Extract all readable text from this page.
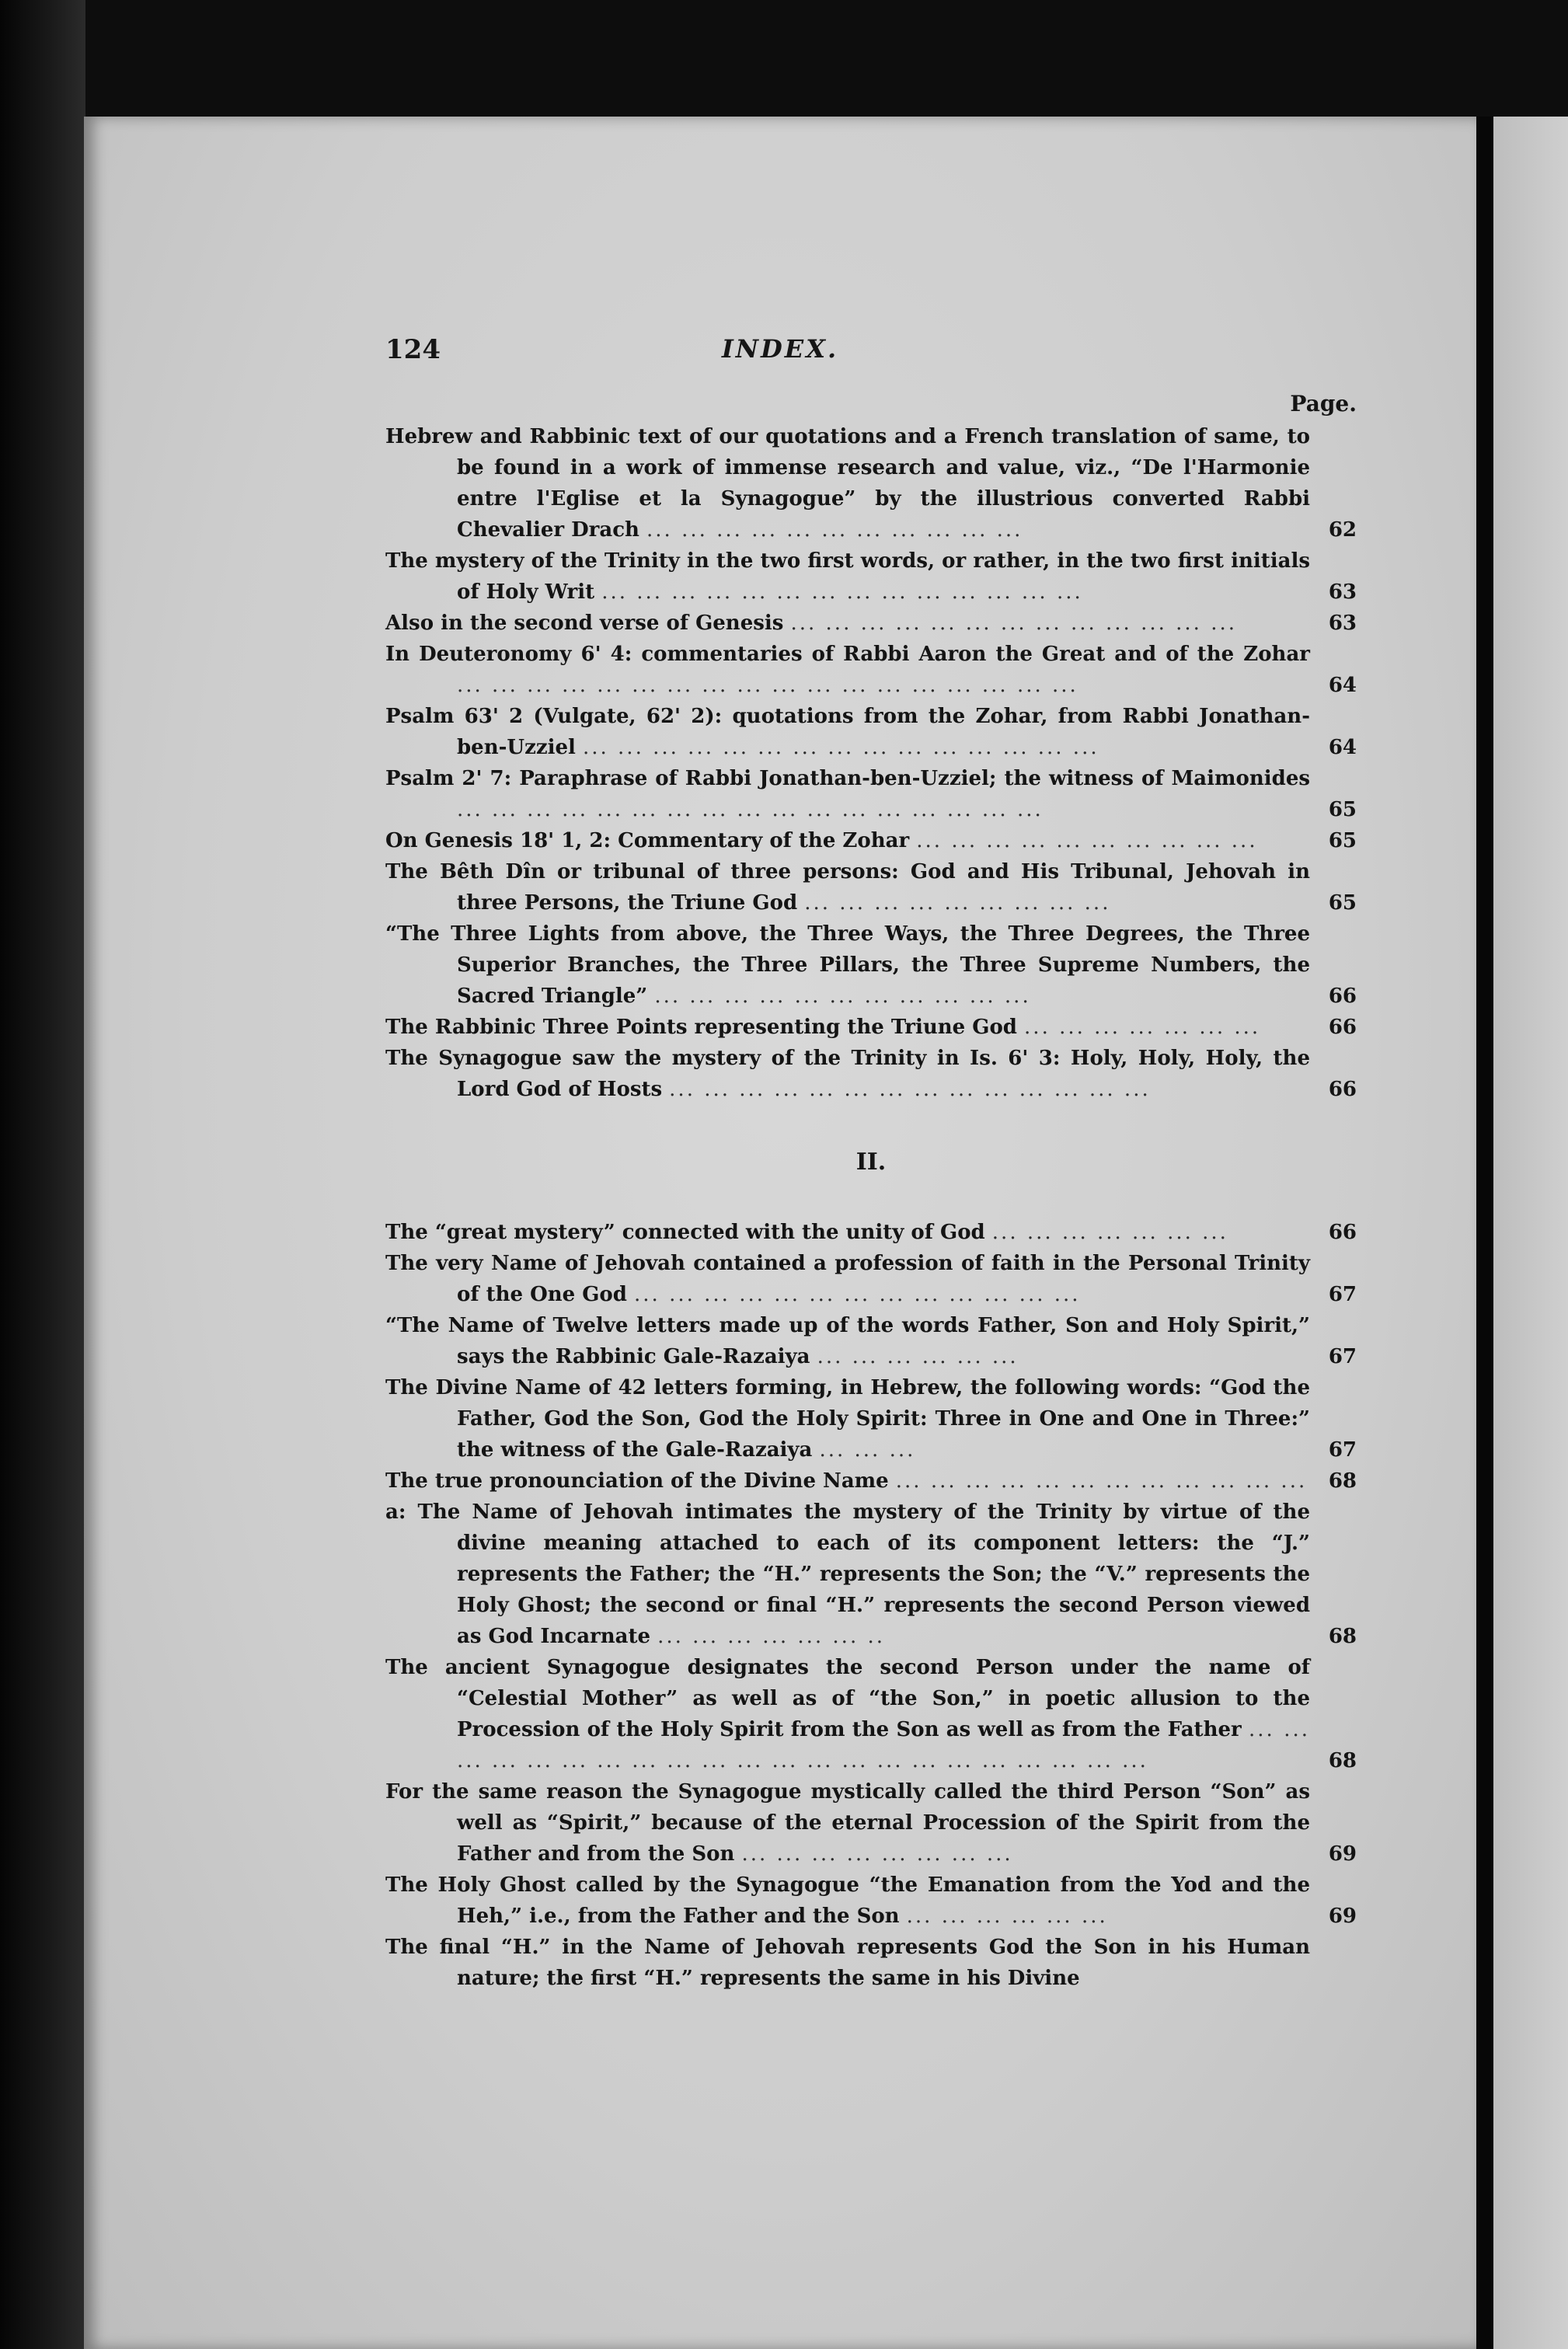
INDEX.
124
Page.
Hebrew and Rabbinic text of our quotations and a French translation of same, to be found in a work of immense research and value, viz., “De l'Harmonie entre l'Eglise et la Synagogue” by the illustrious converted Rabbi Chevalier Drach ... ... ... ... ... ... ... ... ... ... ...	62
The mystery of the Trinity in the two first words, or rather, in the two first initials of Holy Writ ... ... ... ... ... ... ... ... ... ... ... ... ... ...	63
Also in the second verse of Genesis ... ... ... ... ... ... ... ... ... ... ... ... ...	63
In Deuteronomy 6' 4: commentaries of Rabbi Aaron the Great and of the Zohar ... ... ... ... ... ... ... ... ... ... ... ... ... ... ... ... ... ...	64
Psalm 63' 2 (Vulgate, 62' 2): quotations from the Zohar, from Rabbi Jonathan-ben-Uzziel ... ... ... ... ... ... ... ... ... ... ... ... ... ... ...	64
Psalm 2' 7: Paraphrase of Rabbi Jonathan-ben-Uzziel; the witness of Maimonides ... ... ... ... ... ... ... ... ... ... ... ... ... ... ... ... ...	65
On Genesis 18' 1, 2: Commentary of the Zohar ... ... ... ... ... ... ... ... ... ...	65
The Bêth Dîn or tribunal of three persons: God and His Tribunal, Jehovah in three Persons, the Triune God ... ... ... ... ... ... ... ... ...	65
“The Three Lights from above, the Three Ways, the Three Degrees, the Three Superior Branches, the Three Pillars, the Three Supreme Numbers, the Sacred Triangle” ... ... ... ... ... ... ... ... ... ... ...	66
The Rabbinic Three Points representing the Triune God ... ... ... ... ... ... ...	66
The Synagogue saw the mystery of the Trinity in Is. 6' 3: Holy, Holy, Holy, the Lord God of Hosts ... ... ... ... ... ... ... ... ... ... ... ... ... ...	66
II.
The “great mystery” connected with the unity of God ... ... ... ... ... ... ...	66
The very Name of Jehovah contained a profession of faith in the Personal Trinity of the One God ... ... ... ... ... ... ... ... ... ... ... ... ...	67
“The Name of Twelve letters made up of the words Father, Son and Holy Spirit,” says the Rabbinic Gale-Razaiya ... ... ... ... ... ...	67
The Divine Name of 42 letters forming, in Hebrew, the following words: “God the Father, God the Son, God the Holy Spirit: Three in One and One in Three:” the witness of the Gale-Razaiya ... ... ...	67
The true pronounciation of the Divine Name ... ... ... ... ... ... ... ... ... ... ... ... 68
a: The Name of Jehovah intimates the mystery of the Trinity by virtue of the divine meaning attached to each of its component letters: the “J.” represents the Father; the “H.” represents the Son; the “V.” represents the Holy Ghost; the second or final “H.” represents the second Person viewed as God Incarnate ... ... ... ... ... ... ..	68
The ancient Synagogue designates the second Person under the name of “Celestial Mother” as well as of “the Son,” in poetic allusion to the Procession of the Holy Spirit from the Son as well as from the Father ... ... ... ... ... ... ... ... ... ... ... ... ... ... ... ... ... ... ... ... ... ...	68
For the same reason the Synagogue mystically called the third Person “Son” as well as “Spirit,” because of the eternal Procession of the Spirit from the Father and from the Son ... ... ... ... ... ... ... ...	69
The Holy Ghost called by the Synagogue “the Emanation from the Yod and the Heh,” i.e., from the Father and the Son ... ... ... ... ... ...	69
The final “H.” in the Name of Jehovah represents God the Son in his Human nature; the first “H.” represents the same in his Divine
